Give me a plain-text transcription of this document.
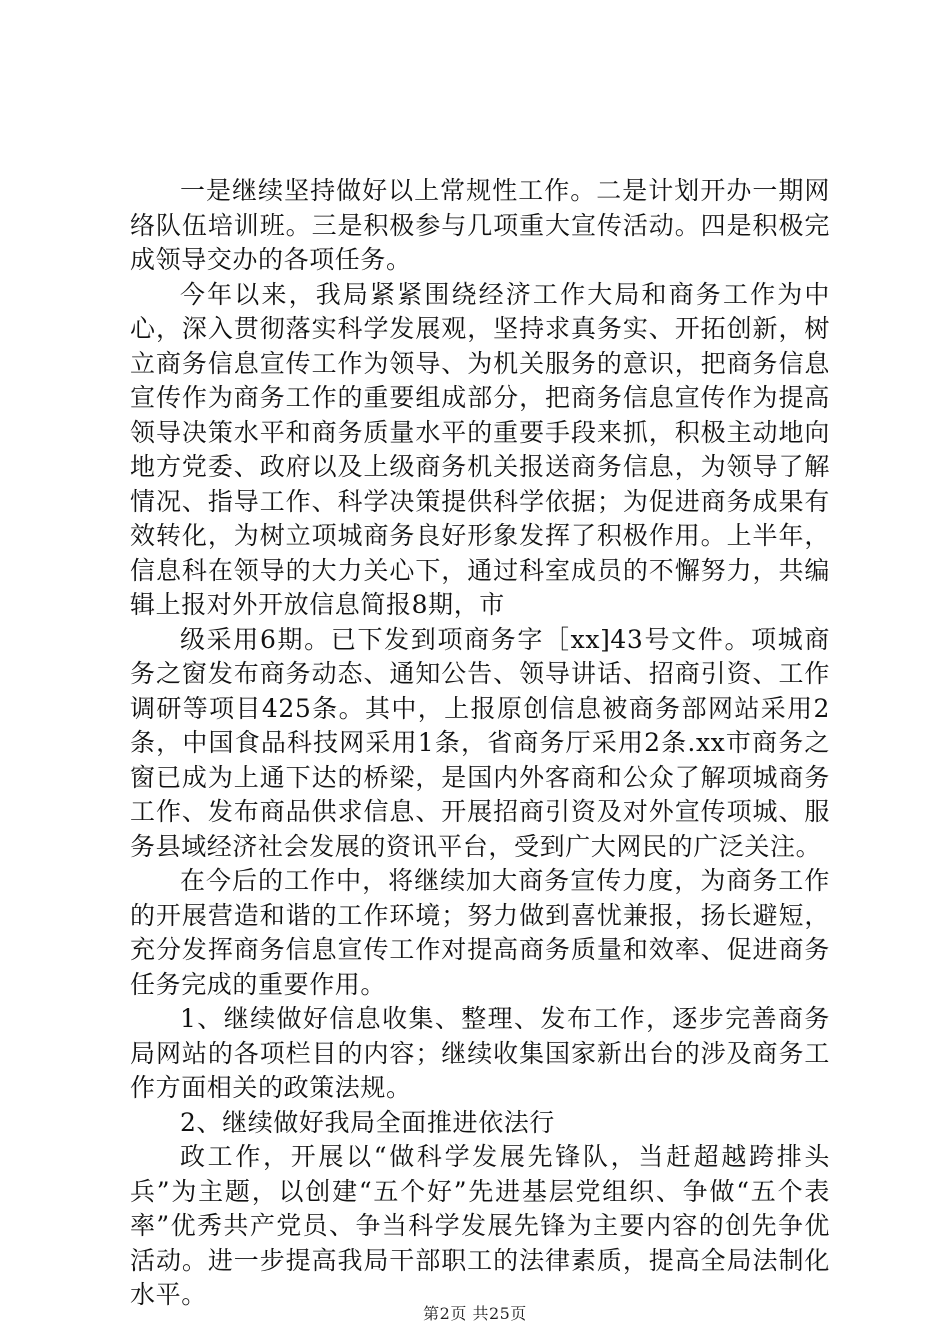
一是继续坚持做好以上常规性工作。二是计划开办一期网络队伍培训班。三是积极参与几项重大宣传活动。四是积极完成领导交办的各项任务。

今年以来，我局紧紧围绕经济工作大局和商务工作为中心，深入贯彻落实科学发展观，坚持求真务实、开拓创新，树立商务信息宣传工作为领导、为机关服务的意识，把商务信息宣传作为商务工作的重要组成部分，把商务信息宣传作为提高领导决策水平和商务质量水平的重要手段来抓，积极主动地向地方党委、政府以及上级商务机关报送商务信息，为领导了解情况、指导工作、科学决策提供科学依据；为促进商务成果有效转化，为树立项城商务良好形象发挥了积极作用。上半年，信息科在领导的大力关心下，通过科室成员的不懈努力，共编辑上报对外开放信息简报8期，市

级采用6期。已下发到项商务字［xx]43号文件。项城商务之窗发布商务动态、通知公告、领导讲话、招商引资、工作调研等项目425条。其中，上报原创信息被商务部网站采用2条，中国食品科技网采用1条，省商务厅采用2条.xx市商务之窗已成为上通下达的桥梁，是国内外客商和公众了解项城商务工作、发布商品供求信息、开展招商引资及对外宣传项城、服务县域经济社会发展的资讯平台，受到广大网民的广泛关注。

在今后的工作中，将继续加大商务宣传力度，为商务工作的开展营造和谐的工作环境；努力做到喜忧兼报，扬长避短，充分发挥商务信息宣传工作对提高商务质量和效率、促进商务任务完成的重要作用。

1、继续做好信息收集、整理、发布工作，逐步完善商务局网站的各项栏目的内容；继续收集国家新出台的涉及商务工作方面相关的政策法规。

2、继续做好我局全面推进依法行

政工作，开展以“做科学发展先锋队，当赶超越跨排头兵”为主题，以创建“五个好”先进基层党组织、争做“五个表率”优秀共产党员、争当科学发展先锋为主要内容的创先争优活动。进一步提高我局干部职工的法律素质，提高全局法制化水平。

第2页 共25页
